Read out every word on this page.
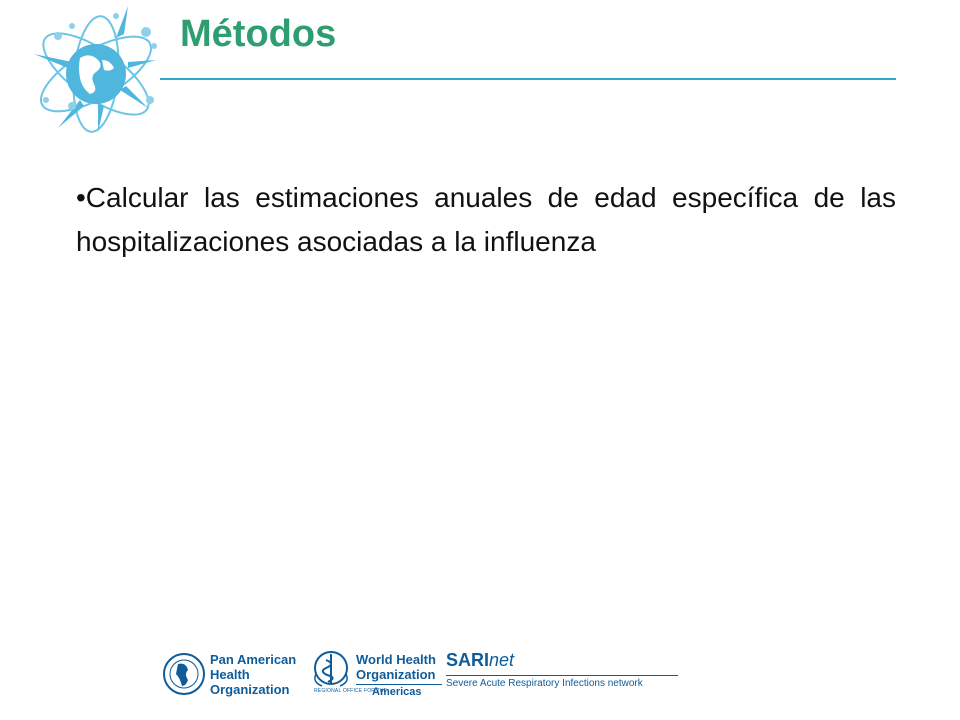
Métodos

•Calcular las estimaciones anuales de edad específica de las hospitalizaciones asociadas a la influenza

Pan American
Health
Organization
World Health
Organization
REGIONAL OFFICE FOR THE
Americas
SARInet
Severe Acute Respiratory Infections network
